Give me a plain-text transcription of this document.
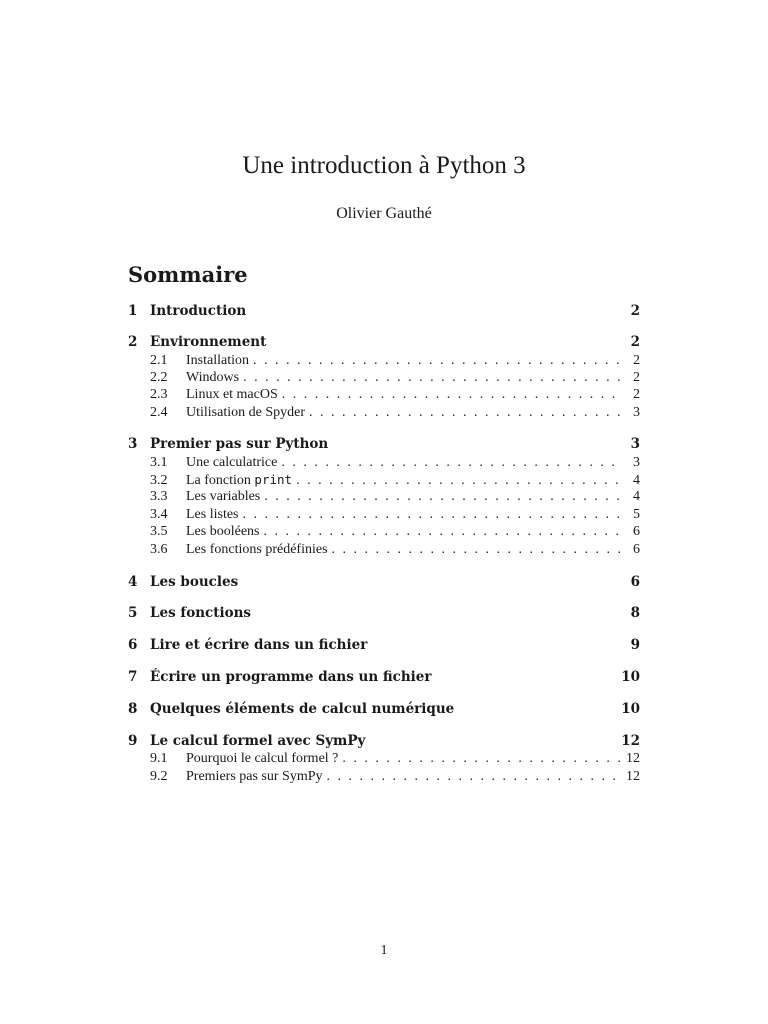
Une introduction à Python 3
Olivier Gauthé
Sommaire
1 Introduction	2
2 Environnement	2
2.1	Installation . . .	2
2.2	Windows . . .	2
2.3	Linux et macOS . . .	2
2.4	Utilisation de Spyder . . .	3
3 Premier pas sur Python	3
3.1	Une calculatrice . . .	3
3.2	La fonction print . . .	4
3.3	Les variables . . .	4
3.4	Les listes . . .	5
3.5	Les booléens . . .	6
3.6	Les fonctions prédéfinies . . .	6
4 Les boucles	6
5 Les fonctions	8
6 Lire et écrire dans un fichier	9
7 Écrire un programme dans un fichier	10
8 Quelques éléments de calcul numérique	10
9 Le calcul formel avec SymPy	12
9.1	Pourquoi le calcul formel ? . . .	12
9.2	Premiers pas sur SymPy . . .	12
1
